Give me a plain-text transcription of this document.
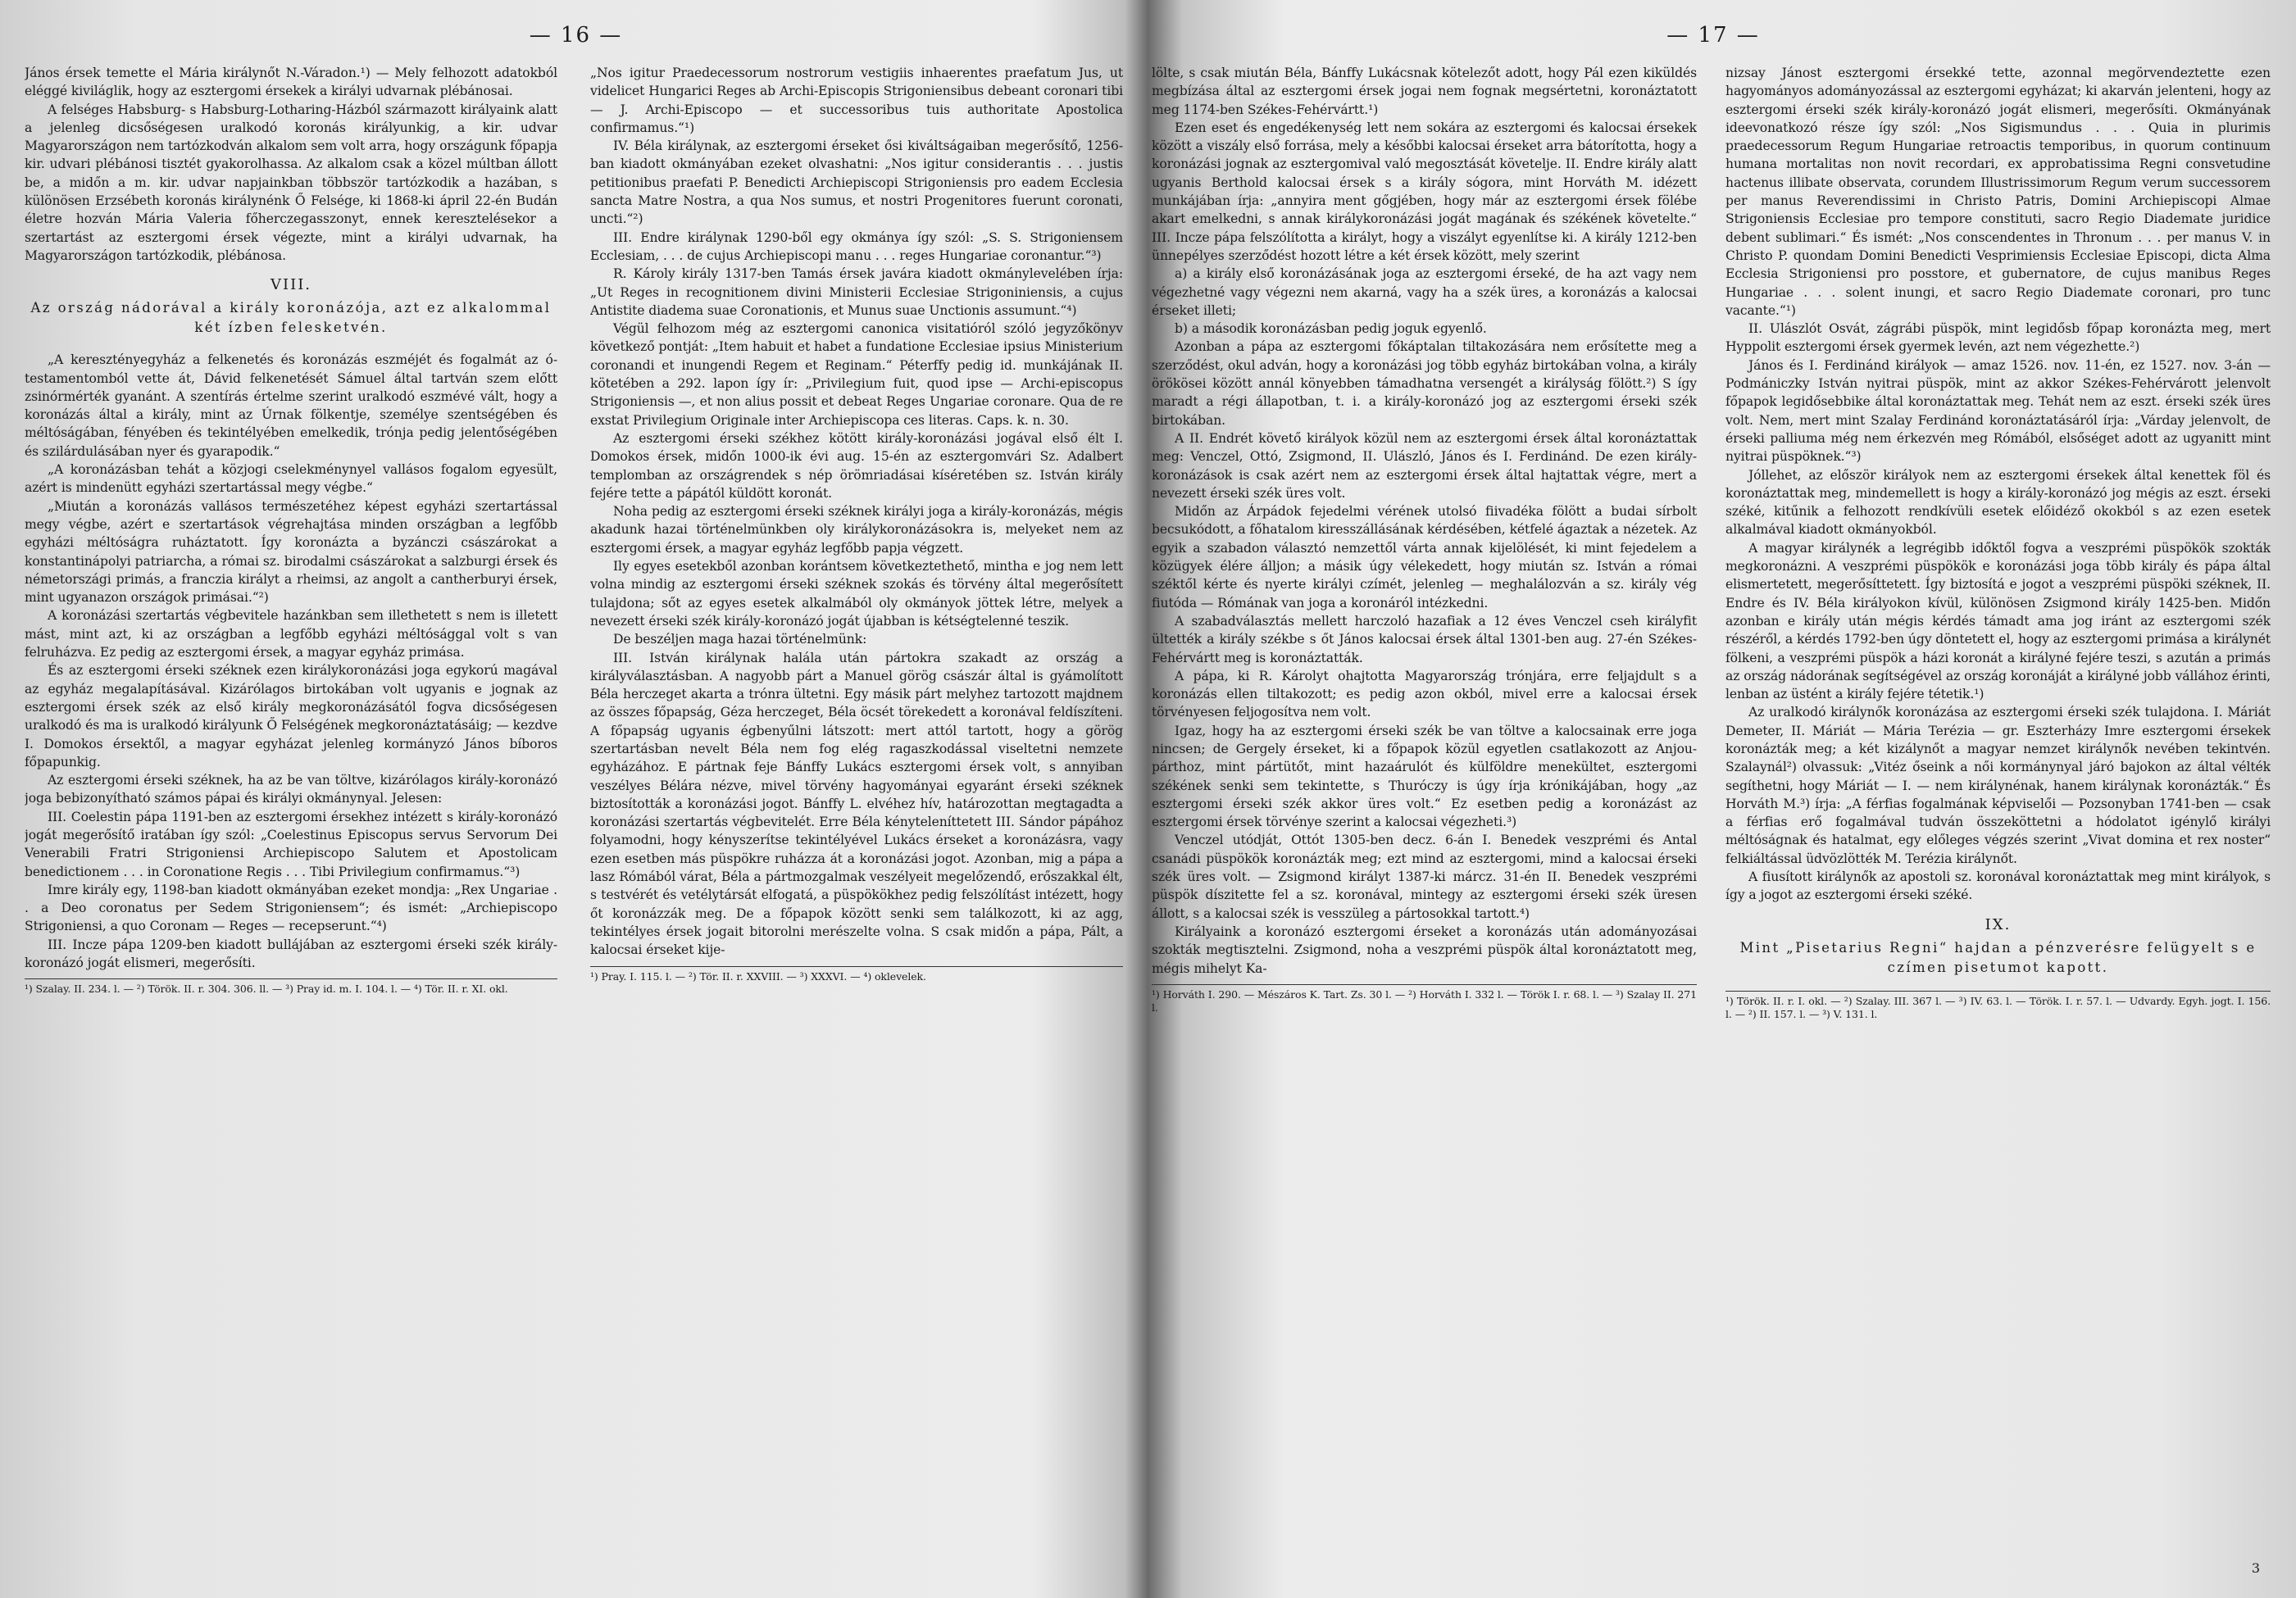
— 16 —

János érsek temette el Mária királynőt N.-Váradon.¹) — Mely felhozott adatokból eléggé kiviláglik, hogy az esztergomi érsekek a királyi udvarnak plébánosai.

A felséges Habsburg- s Habsburg-Lotharing-Házból származott királyaink alatt a jelenleg dicsőségesen uralkodó koronás királyunkig, a kir. udvar Magyarországon nem tartózkodván alkalom sem volt arra, hogy országunk főpapja kir. udvari plébánosi tisztét gyakorolhassa. Az alkalom csak a közel múltban állott be, a midőn a m. kir. udvar napjainkban többször tartózkodik a hazában, s különösen Erzsébeth koronás királynénk Ő Felsége, ki 1868-ki ápril 22-én Budán életre hozván Mária Valeria főherczegasszonyt, ennek keresztelésekor a szertartást az esztergomi érsek végezte, mint a királyi udvarnak, ha Magyarországon tartózkodik, plébánosa.

VIII.
Az ország nádorával a király koronázója, azt ez alkalommal két ízben felesketvén.

„A keresztényegyház a felkenetés és koronázás eszméjét és fogalmát az ó-testamentomból vette át, Dávid felkenetését Sámuel által tartván szem előtt zsinórmérték gyanánt. A szentírás értelme szerint uralkodó eszmévé vált, hogy a koronázás által a király, mint az Úrnak fölkentje, személye szentségében és méltóságában, fényében és tekintélyében emelkedik, trónja pedig jelentőségében és szilárdulásában nyer és gyarapodik.“

„A koronázásban tehát a közjogi cselekménynyel vallásos fogalom egyesült, azért is mindenütt egyházi szertartással megy végbe.“

„Miután a koronázás vallásos természetéhez képest egyházi szertartással megy végbe, azért e szertartások végrehajtása minden országban a legfőbb egyházi méltóságra ruháztatott. Így koronázta a byzánczi császárokat a konstantinápolyi patriarcha, a római sz. birodalmi császárokat a salzburgi érsek és németországi primás, a franczia királyt a rheimsi, az angolt a cantherburyi érsek, mint ugyanazon országok primásai.“²)

A koronázási szertartás végbevitele hazánkban sem illethetett s nem is illetett mást, mint azt, ki az országban a legfőbb egyházi méltósággal volt s van felruházva. Ez pedig az esztergomi érsek, a magyar egyház primása.

És az esztergomi érseki széknek ezen királykoronázási joga egykorú magával az egyház megalapításával. Kizárólagos birtokában volt ugyanis e jognak az esztergomi érsek szék az első király megkoronázásától fogva dicsőségesen uralkodó és ma is uralkodó királyunk Ő Felségének megkoronáztatásáig; — kezdve I. Domokos érsektől, a magyar egyházat jelenleg kormányzó János bíboros főpapunkig.

Az esztergomi érseki széknek, ha az be van töltve, kizárólagos király-koronázó joga bebizonyítható számos pápai és királyi okmánynyal. Jelesen:

III. Coelestin pápa 1191-ben az esztergomi érsekhez intézett s király-koronázó jogát megerősítő iratában így szól: „Coelestinus Episcopus servus Servorum Dei Venerabili Fratri Strigoniensi Archiepiscopo Salutem et Apostolicam benedictionem . . . in Coronatione Regis . . . Tibi Privilegium confirmamus.“³)

Imre király egy, 1198-ban kiadott okmányában ezeket mondja: „Rex Ungariae . . a Deo coronatus per Sedem Strigoniensem“; és ismét: „Archiepiscopo Strigoniensi, a quo Coronam — Reges — recepserunt.“⁴)

III. Incze pápa 1209-ben kiadott bullájában az esztergomi érseki szék király-koronázó jogát elismeri, megerősíti.

¹) Szalay. II. 234. l. — ²) Török. II. r. 304. 306. ll. — ³) Pray id. m. I. 104. l. — ⁴) Tör. II. r. XI. okl.

„Nos igitur Praedecessorum nostrorum vestigiis inhaerentes praefatum Jus, ut videlicet Hungarici Reges ab Archi-Episcopis Strigoniensibus debeant coronari tibi — J. Archi-Episcopo — et successoribus tuis authoritate Apostolica confirmamus.“¹)

IV. Béla királynak, az esztergomi érseket ősi kiváltságaiban megerősítő, 1256-ban kiadott okmányában ezeket olvashatni: „Nos igitur considerantis . . . justis petitionibus praefati P. Benedicti Archiepiscopi Strigoniensis pro eadem Ecclesia sancta Matre Nostra, a qua Nos sumus, et nostri Progenitores fuerunt coronati, uncti.“²)

III. Endre királynak 1290-ből egy okmánya így szól: „S. S. Strigoniensem Ecclesiam, . . . de cujus Archiepiscopi manu . . . reges Hungariae coronantur.“³)

R. Károly király 1317-ben Tamás érsek javára kiadott okmánylevelében írja: „Ut Reges in recognitionem divini Ministerii Ecclesiae Strigoniniensis, a cujus Antistite diadema suae Coronationis, et Munus suae Unctionis assumunt.“⁴)

Végül felhozom még az esztergomi canonica visitatióról szóló jegyzőkönyv következő pontját: „Item habuit et habet a fundatione Ecclesiae ipsius Ministerium coronandi et inungendi Regem et Reginam.“ Péterffy pedig id. munkájának II. kötetében a 292. lapon így ír: „Privilegium fuit, quod ipse — Archi-episcopus Strigoniensis —, et non alius possit et debeat Reges Ungariae coronare. Qua de re exstat Privilegium Originale inter Archiepiscopa ces literas. Caps. k. n. 30.

Az esztergomi érseki székhez kötött király-koronázási jogával első élt I. Domokos érsek, midőn 1000-ik évi aug. 15-én az esztergomvári Sz. Adalbert templomban az országrendek s nép örömriadásai kíséretében sz. István király fejére tette a pápától küldött koronát.

Noha pedig az esztergomi érseki széknek királyi joga a király-koronázás, mégis akadunk hazai történelmünkben oly királykoronázásokra is, melyeket nem az esztergomi érsek, a magyar egyház legfőbb papja végzett.

Ily egyes esetekből azonban korántsem következtethető, mintha e jog nem lett volna mindig az esztergomi érseki széknek szokás és törvény által megerősített tulajdona; sőt az egyes esetek alkalmából oly okmányok jöttek létre, melyek a nevezett érseki szék király-koronázó jogát újabban is kétségtelenné teszik.

De beszéljen maga hazai történelmünk:

III. István királynak halála után pártokra szakadt az ország a királyválasztásban. A nagyobb párt a Manuel görög császár által is gyámolított Béla herczeget akarta a trónra ültetni. Egy másik párt melyhez tartozott majdnem az összes főpapság, Géza herczeget, Béla öcsét törekedett a koronával feldíszíteni. A főpapság ugyanis égbenyűlni látszott: mert attól tartott, hogy a görög szertartásban nevelt Béla nem fog elég ragaszkodással viseltetni nemzete egyházához. E pártnak feje Bánffy Lukács esztergomi érsek volt, s annyiban veszélyes Bélára nézve, mivel törvény hagyományai egyaránt érseki széknek biztosították a koronázási jogot. Bánffy L. elvéhez hív, határozottan megtagadta a koronázási szertartás végbevitelét. Erre Béla kényteleníttetett III. Sándor pápához folyamodni, hogy kényszerítse tekintélyével Lukács érseket a koronázásra, vagy ezen esetben más püspökre ruházza át a koronázási jogot. Azonban, mig a pápa a lasz Rómából várat, Béla a pártmozgalmak veszélyeit megelőzendő, erőszakkal élt, s testvérét és vetélytársát elfogatá, a püspökökhez pedig felszólítást intézett, hogy őt koronázzák meg. De a főpapok között senki sem találkozott, ki az agg, tekintélyes érsek jogait bitorolni merészelte volna. S csak midőn a pápa, Pált, a kalocsai érseket kije-

¹) Pray. I. 115. l. — ²) Tör. II. r. XXVIII. — ³) XXXVI. — ⁴) oklevelek.

— 17 —

lölte, s csak miután Béla, Bánffy Lukácsnak kötelezőt adott, hogy Pál ezen kiküldés megbízása által az esztergomi érsek jogai nem fognak megsértetni, koronáztatott meg 1174-ben Székes-Fehérvártt.¹)

Ezen eset és engedékenység lett nem sokára az esztergomi és kalocsai érsekek között a viszály első forrása, mely a későbbi kalocsai érseket arra bátorította, hogy a koronázási jognak az esztergomival való megosztását követelje. II. Endre király alatt ugyanis Berthold kalocsai érsek s a király sógora, mint Horváth M. idézett munkájában írja: „annyira ment gőgjében, hogy már az esztergomi érsek fölébe akart emelkedni, s annak királykoronázási jogát magának és székének követelte.“ III. Incze pápa felszólította a királyt, hogy a viszályt egyenlítse ki. A király 1212-ben ünnepélyes szerződést hozott létre a két érsek között, mely szerint

a) a király első koronázásának joga az esztergomi érseké, de ha azt vagy nem végezhetné vagy végezni nem akarná, vagy ha a szék üres, a koronázás a kalocsai érseket illeti;

b) a második koronázásban pedig joguk egyenlő.

Azonban a pápa az esztergomi főkáptalan tiltakozására nem erősítette meg a szerződést, okul adván, hogy a koronázási jog több egyház birtokában volna, a király örökösei között annál könyebben támadhatna versengét a királyság fölött.²) S így maradt a régi állapotban, t. i. a király-koronázó jog az esztergomi érseki szék birtokában.

A II. Endrét követő királyok közül nem az esztergomi érsek által koronáztattak meg: Venczel, Ottó, Zsigmond, II. Ulászló, János és I. Ferdinánd. De ezen király-koronázások is csak azért nem az esztergomi érsek által hajtattak végre, mert a nevezett érseki szék üres volt.

Midőn az Árpádok fejedelmi vérének utolsó fiivadéka fölött a budai sírbolt becsukódott, a főhatalom kiresszállásának kérdésében, kétfelé ágaztak a nézetek. Az egyik a szabadon választó nemzettől várta annak kijelölését, ki mint fejedelem a közügyek élére álljon; a másik úgy vélekedett, hogy miután sz. István a római széktől kérte és nyerte királyi czímét, jelenleg — meghalálozván a sz. király vég fiutóda — Rómának van joga a koronáról intézkedni.

A szabadválasztás mellett harczoló hazafiak a 12 éves Venczel cseh királyfit ültették a király székbe s őt János kalocsai érsek által 1301-ben aug. 27-én Székes-Fehérvártt meg is koronáztatták.

A pápa, ki R. Károlyt ohajtotta Magyarország trónjára, erre feljajdult s a koronázás ellen tiltakozott; es pedig azon okból, mivel erre a kalocsai érsek törvényesen feljogosítva nem volt.

Igaz, hogy ha az esztergomi érseki szék be van töltve a kalocsainak erre joga nincsen; de Gergely érseket, ki a főpapok közül egyetlen csatlakozott az Anjou-párthoz, mint pártütőt, mint hazaárulót és külföldre menekültet, esztergomi székének senki sem tekintette, s Thuróczy is úgy írja krónikájában, hogy „az esztergomi érseki szék akkor üres volt.“ Ez esetben pedig a koronázást az esztergomi érsek törvénye szerint a kalocsai végezheti.³)

Venczel utódját, Ottót 1305-ben decz. 6-án I. Benedek veszprémi és Antal csanádi püspökök koronázták meg; ezt mind az esztergomi, mind a kalocsai érseki szék üres volt. — Zsigmond királyt 1387-ki márcz. 31-én II. Benedek veszprémi püspök díszitette fel a sz. koronával, mintegy az esztergomi érseki szék üresen állott, s a kalocsai szék is vesszüleg a pártosokkal tartott.⁴)

Királyaink a koronázó esztergomi érseket a koronázás után adományozásai szokták megtisztelni. Zsigmond, noha a veszprémi püspök által koronáztatott meg, mégis mihelyt Ka-

¹) Horváth I. 290. — Mészáros K. Tart. Zs. 30 l. — ²) Horváth I. 332 l. — Török I. r. 68. l. — ³) Szalay II. 271 l.

nizsay Jánost esztergomi érsekké tette, azonnal megörvendeztette ezen hagyományos adományozással az esztergomi egyházat; ki akarván jelenteni, hogy az esztergomi érseki szék király-koronázó jogát elismeri, megerősíti. Okmányának ideevonatkozó része így szól: „Nos Sigismundus . . . Quia in plurimis praedecessorum Regum Hungariae retroactis temporibus, in quorum continuum humana mortalitas non novit recordari, ex approbatissima Regni consvetudine hactenus illibate observata, corundem Illustrissimorum Regum verum successorem per manus Reverendissimi in Christo Patris, Domini Archiepiscopi Almae Strigoniensis Ecclesiae pro tempore constituti, sacro Regio Diademate juridice debent sublimari.“ És ismét: „Nos conscendentes in Thronum . . . per manus V. in Christo P. quondam Domini Benedicti Vesprimiensis Ecclesiae Episcopi, dicta Alma Ecclesia Strigoniensi pro posstore, et gubernatore, de cujus manibus Reges Hungariae . . . solent inungi, et sacro Regio Diademate coronari, pro tunc vacante.“¹)

II. Ulászlót Osvát, zágrábi püspök, mint legidősb főpap koronázta meg, mert Hyppolit esztergomi érsek gyermek levén, azt nem végezhette.²)

János és I. Ferdinánd királyok — amaz 1526. nov. 11-én, ez 1527. nov. 3-án — Podmániczky István nyitrai püspök, mint az akkor Székes-Fehérvárott jelenvolt főpapok legidősebbike által koronáztattak meg. Tehát nem az eszt. érseki szék üres volt. Nem, mert mint Szalay Ferdinánd koronáztatásáról írja: „Várday jelenvolt, de érseki palliuma még nem érkezvén meg Rómából, elsőséget adott az ugyanitt mint nyitrai püspöknek.“³)

Jóllehet, az először királyok nem az esztergomi érsekek által kenettek föl és koronáztattak meg, mindemellett is hogy a király-koronázó jog mégis az eszt. érseki széké, kitűnik a felhozott rendkívüli esetek előidéző okokból s az ezen esetek alkalmával kiadott okmányokból.

A magyar királynék a legrégibb időktől fogva a veszprémi püspökök szokták megkoronázni. A veszprémi püspökök e koronázási joga több király és pápa által elismertetett, megerősíttetett. Így biztosítá e jogot a veszprémi püspöki széknek, II. Endre és IV. Béla királyokon kívül, különösen Zsigmond király 1425-ben. Midőn azonban e király után mégis kérdés támadt ama jog iránt az esztergomi szék részéről, a kérdés 1792-ben úgy döntetett el, hogy az esztergomi primása a királynét fölkeni, a veszprémi püspök a házi koronát a királyné fejére teszi, s azután a primás az ország nádorának segítségével az ország koronáját a királyné jobb vállához érinti, lenban az üstént a király fejére tétetik.¹)

Az uralkodó királynők koronázása az esztergomi érseki szék tulajdona. I. Máriát Demeter, II. Máriát — Mária Terézia — gr. Eszterházy Imre esztergomi érsekek koronázták meg; a két kizálynőt a magyar nemzet királynők nevében tekintvén. Szalaynál²) olvassuk: „Vitéz őseink a női kormánynyal járó bajokon az által vélték segíthetni, hogy Máriát — I. — nem királynénak, hanem királynak koronázták.“ És Horváth M.³) írja: „A férfias fogalmának képviselői — Pozsonyban 1741-ben — csak a férfias erő fogalmával tudván összeköttetni a hódolatot igénylő királyi méltóságnak és hatalmat, egy előleges végzés szerint „Vivat domina et rex noster“ felkiáltással üdvözlötték M. Terézia királynőt.

A fiusított királynők az apostoli sz. koronával koronáztattak meg mint királyok, s így a jogot az esztergomi érseki széké.

IX.
Mint „Pisetarius Regni“ hajdan a pénzverésre felügyelt s e czímen pisetumot kapott.

¹) Török. II. r. I. okl. — ²) Szalay. III. 367 l. — ³) IV. 63. l. — Török. I. r. 57. l. — Udvardy. Egyh. jogt. I. 156. l. — ²) II. 157. l. — ³) V. 131. l.

3
